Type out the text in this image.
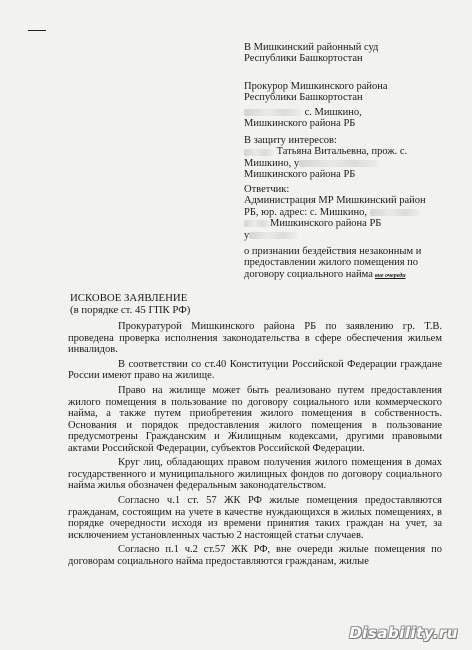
В Мишкинский районный суд
Республики Башкортостан
Прокурор Мишкинского района
Республики Башкортостан
с. Мишкино,
Мишкинского района РБ
В защиту интересов:
Татьяна Витальевна, прож. с.
Мишкино, у
Мишкинского района РБ
Ответчик:
Администрация МР Мишкинский район
РБ, юр. адрес: с. Мишкино,
Мишкинского района РБ
у
о признании бездействия незаконным и
предоставлении жилого помещения по
договору социального найма вне очереди
ИСКОВОЕ ЗАЯВЛЕНИЕ
(в порядке ст. 45 ГПК РФ)

Прокуратурой Мишкинского района РБ по заявлению гр. Т.В. проведена проверка исполнения законодательства в сфере обеспечения жильем инвалидов.

В соответствии со ст.40 Конституции Российской Федерации граждане России имеют право на жилище.

Право на жилище может быть реализовано путем предоставления жилого помещения в пользование по договору социального или коммерческого найма, а также путем приобретения жилого помещения в собственность. Основания и порядок предоставления жилого помещения в пользование предусмотрены Гражданским и Жилищным кодексами, другими правовыми актами Российской Федерации, субъектов Российской Федерации.

Круг лиц, обладающих правом получения жилого помещения в домах государственного и муниципального жилищных фондов по договору социального найма жилья обозначен федеральным законодательством.

Согласно ч.1 ст. 57 ЖК РФ жилые помещения предоставляются гражданам, состоящим на учете в качестве нуждающихся в жилых помещениях, в порядке очередности исходя из времени принятия таких граждан на учет, за исключением установленных частью 2 настоящей статьи случаев.

Согласно п.1 ч.2 ст.57 ЖК РФ, вне очереди жилые помещения по договорам социального найма предоставляются гражданам, жилые

Disability.ru
